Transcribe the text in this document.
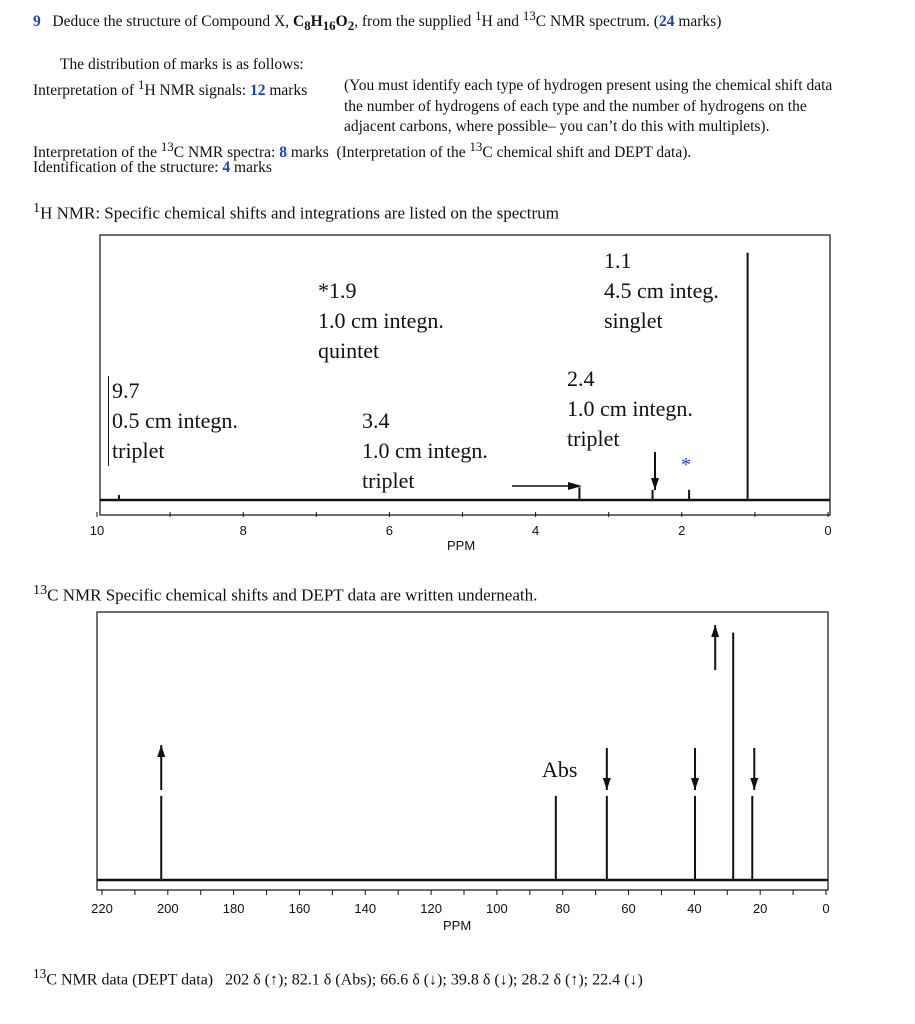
9 Deduce the structure of Compound X, $C_8H_{16}O_2$, from the supplied $^1$H and $^{13}$C NMR spectrum. (24 marks)
The distribution of marks is as follows:
Interpretation of $^1$H NMR signals: 12 marks (You must identify each type of hydrogen present using the chemical shift data
the number of hydrogens of each type and the number of hydrogens on the
adjacent carbons, where possible– you can’t do this with multiplets).
Interpretation of the $^{13}$C NMR spectra: 8 marks (Interpretation of the $^{13}$C chemical shift and DEPT data).
Identification of the structure: 4 marks
$^1$H NMR: Specific chemical shifts and integrations are listed on the spectrum
10	8	6	4	2	0
220	200	180	160	140	120	100	80	60	40	20	0
9.7
0.5 cm integn.
triplet
3.4
1.0 cm integn.
triplet
*1.9
1.0 cm integn.
quintet
2.4
1.0 cm integn.
triplet
1.1
4.5 cm integ.
singlet
*
PPM
$^{13}$C NMR Specific chemical shifts and DEPT data are written underneath.
Abs
PPM
$^{13}$C NMR data (DEPT data) 202 δ (↑); 82.1 δ (Abs); 66.6 δ (↓); 39.8 δ (↓); 28.2 δ (↑); 22.4 (↓)
